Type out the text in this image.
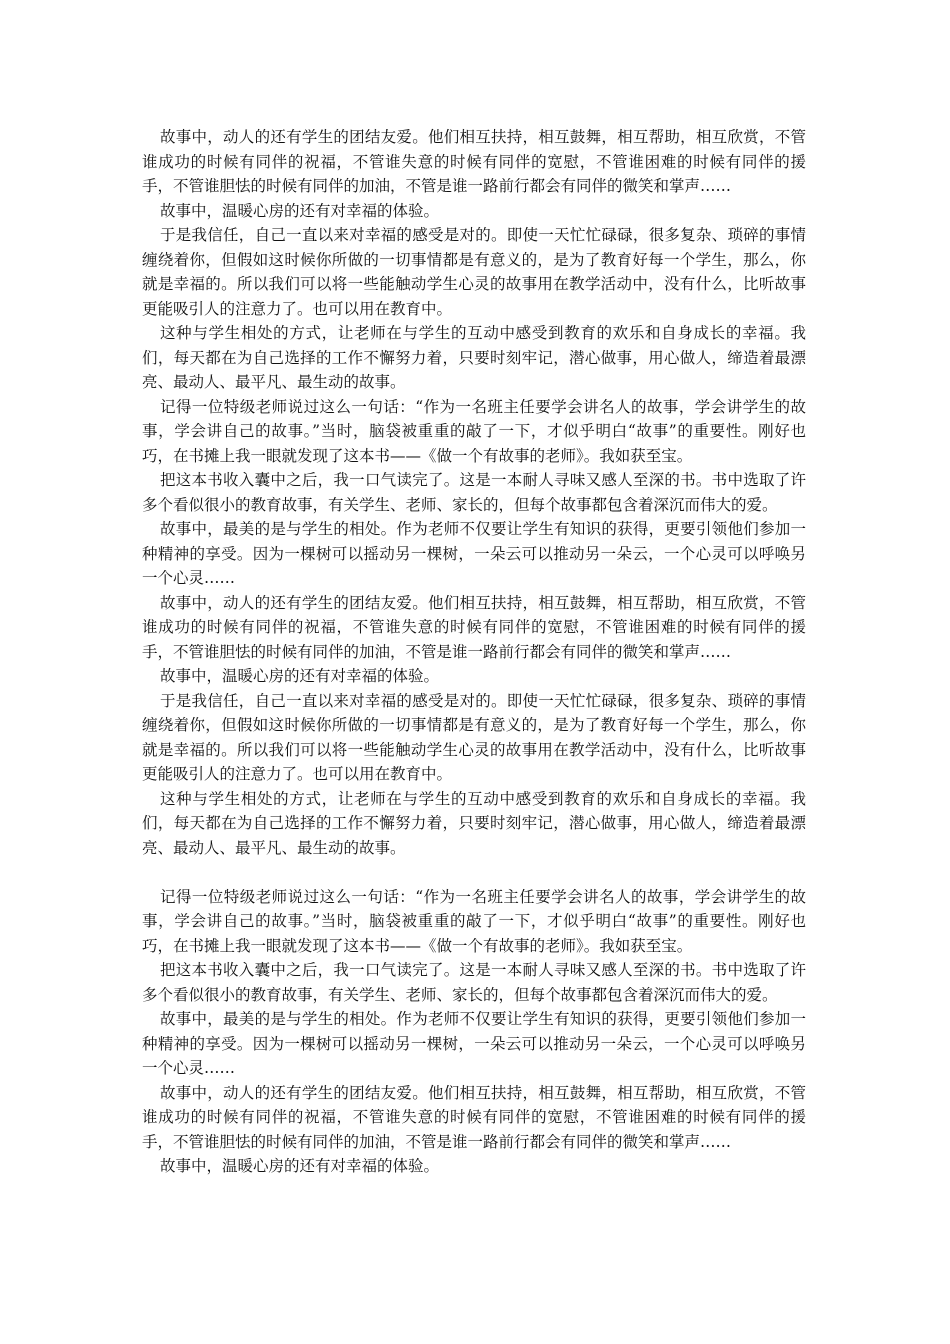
故事中，动人的还有学生的团结友爱。他们相互扶持，相互鼓舞，相互帮助，相互欣赏，不管谁成功的时候有同伴的祝福，不管谁失意的时候有同伴的宽慰，不管谁困难的时候有同伴的援手，不管谁胆怯的时候有同伴的加油，不管是谁一路前行都会有同伴的微笑和掌声……

故事中，温暖心房的还有对幸福的体验。

于是我信任，自己一直以来对幸福的感受是对的。即使一天忙忙碌碌，很多复杂、琐碎的事情缠绕着你，但假如这时候你所做的一切事情都是有意义的，是为了教育好每一个学生，那么，你就是幸福的。所以我们可以将一些能触动学生心灵的故事用在教学活动中，没有什么，比听故事更能吸引人的注意力了。也可以用在教育中。

这种与学生相处的方式，让老师在与学生的互动中感受到教育的欢乐和自身成长的幸福。我们，每天都在为自己选择的工作不懈努力着，只要时刻牢记，潜心做事，用心做人，缔造着最漂亮、最动人、最平凡、最生动的故事。

记得一位特级老师说过这么一句话：“作为一名班主任要学会讲名人的故事，学会讲学生的故事，学会讲自己的故事。”当时，脑袋被重重的敲了一下，才似乎明白“故事”的重要性。刚好也巧，在书摊上我一眼就发现了这本书——《做一个有故事的老师》。我如获至宝。

把这本书收入囊中之后，我一口气读完了。这是一本耐人寻味又感人至深的书。书中选取了许多个看似很小的教育故事，有关学生、老师、家长的，但每个故事都包含着深沉而伟大的爱。

故事中，最美的是与学生的相处。作为老师不仅要让学生有知识的获得，更要引领他们参加一种精神的享受。因为一棵树可以摇动另一棵树，一朵云可以推动另一朵云，一个心灵可以呼唤另一个心灵……

故事中，动人的还有学生的团结友爱。他们相互扶持，相互鼓舞，相互帮助，相互欣赏，不管谁成功的时候有同伴的祝福，不管谁失意的时候有同伴的宽慰，不管谁困难的时候有同伴的援手，不管谁胆怯的时候有同伴的加油，不管是谁一路前行都会有同伴的微笑和掌声……

故事中，温暖心房的还有对幸福的体验。

于是我信任，自己一直以来对幸福的感受是对的。即使一天忙忙碌碌，很多复杂、琐碎的事情缠绕着你，但假如这时候你所做的一切事情都是有意义的，是为了教育好每一个学生，那么，你就是幸福的。所以我们可以将一些能触动学生心灵的故事用在教学活动中，没有什么，比听故事更能吸引人的注意力了。也可以用在教育中。

这种与学生相处的方式，让老师在与学生的互动中感受到教育的欢乐和自身成长的幸福。我们，每天都在为自己选择的工作不懈努力着，只要时刻牢记，潜心做事，用心做人，缔造着最漂亮、最动人、最平凡、最生动的故事。

记得一位特级老师说过这么一句话：“作为一名班主任要学会讲名人的故事，学会讲学生的故事，学会讲自己的故事。”当时，脑袋被重重的敲了一下，才似乎明白“故事”的重要性。刚好也巧，在书摊上我一眼就发现了这本书——《做一个有故事的老师》。我如获至宝。

把这本书收入囊中之后，我一口气读完了。这是一本耐人寻味又感人至深的书。书中选取了许多个看似很小的教育故事，有关学生、老师、家长的，但每个故事都包含着深沉而伟大的爱。

故事中，最美的是与学生的相处。作为老师不仅要让学生有知识的获得，更要引领他们参加一种精神的享受。因为一棵树可以摇动另一棵树，一朵云可以推动另一朵云，一个心灵可以呼唤另一个心灵……

故事中，动人的还有学生的团结友爱。他们相互扶持，相互鼓舞，相互帮助，相互欣赏，不管谁成功的时候有同伴的祝福，不管谁失意的时候有同伴的宽慰，不管谁困难的时候有同伴的援手，不管谁胆怯的时候有同伴的加油，不管是谁一路前行都会有同伴的微笑和掌声……

故事中，温暖心房的还有对幸福的体验。
